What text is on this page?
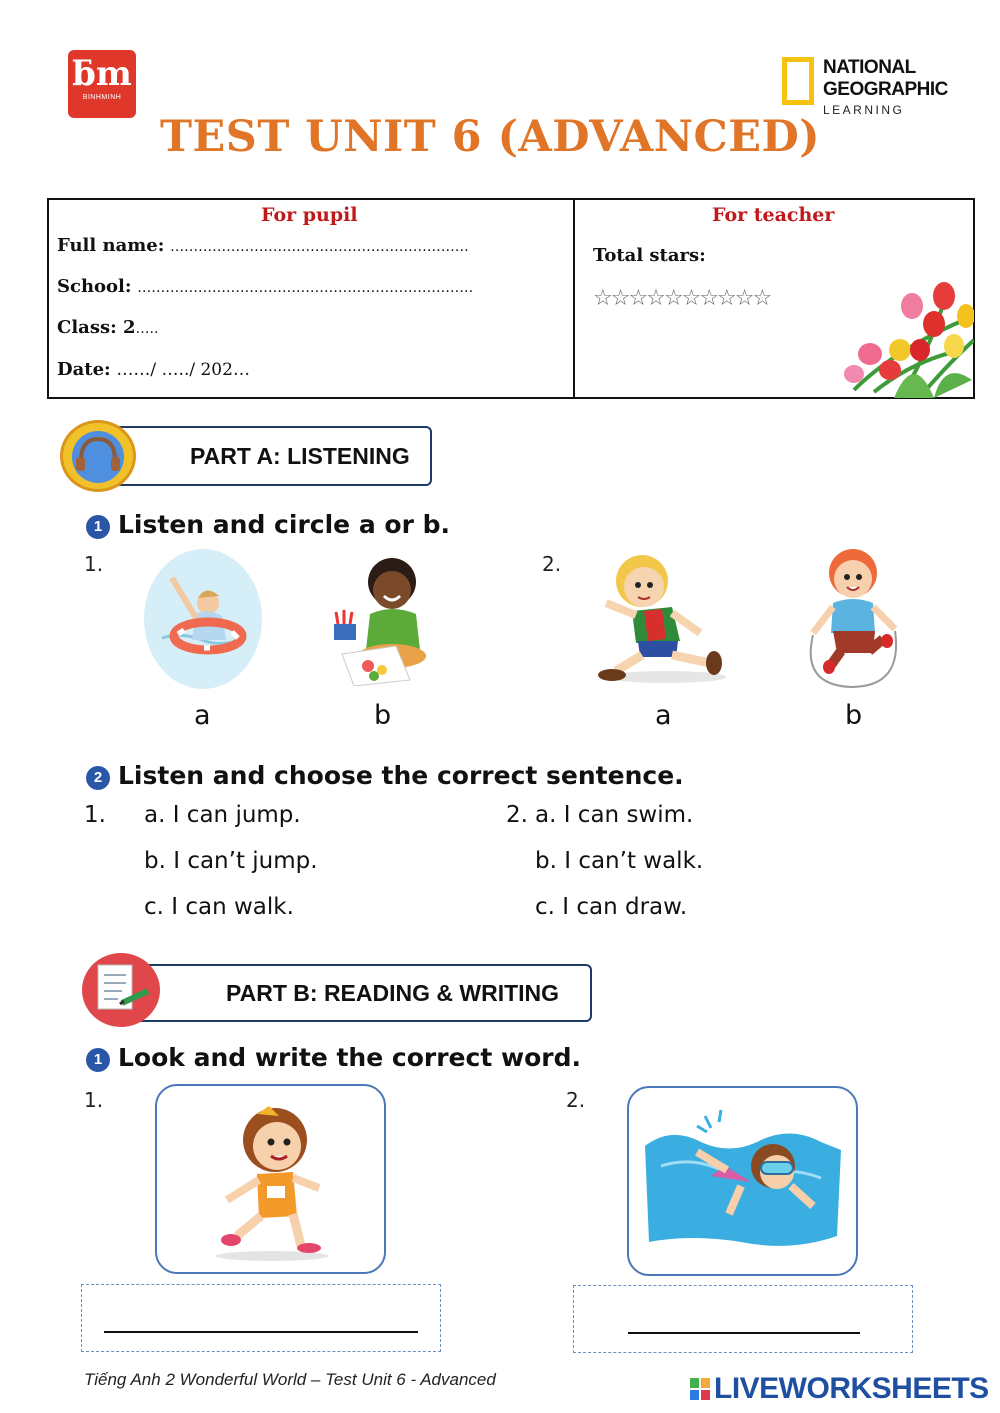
ƃm
BINHMINH
NATIONAL
GEOGRAPHIC
LEARNING
TEST UNIT 6 (ADVANCED)
For pupil	For teacher
Full name: ……………………………………………………….
School: ………………………………………………………………
Class: 2…..
Date: ……/ …../ 202…
Total stars:
☆☆☆☆☆☆☆☆☆☆
PART A: LISTENING
1 Listen and circle a or b.
1.	2.
a	b	a	b
2 Listen and choose the correct sentence.
1. a. I can jump.
b. I can’t jump.
c. I can walk.
2. a. I can swim.
b. I can’t walk.
c. I can draw.
PART B: READING & WRITING
1 Look and write the correct word.
1.	2.
Tiếng Anh 2 Wonderful World – Test Unit 6 - Advanced	LIVEWORKSHEETS
